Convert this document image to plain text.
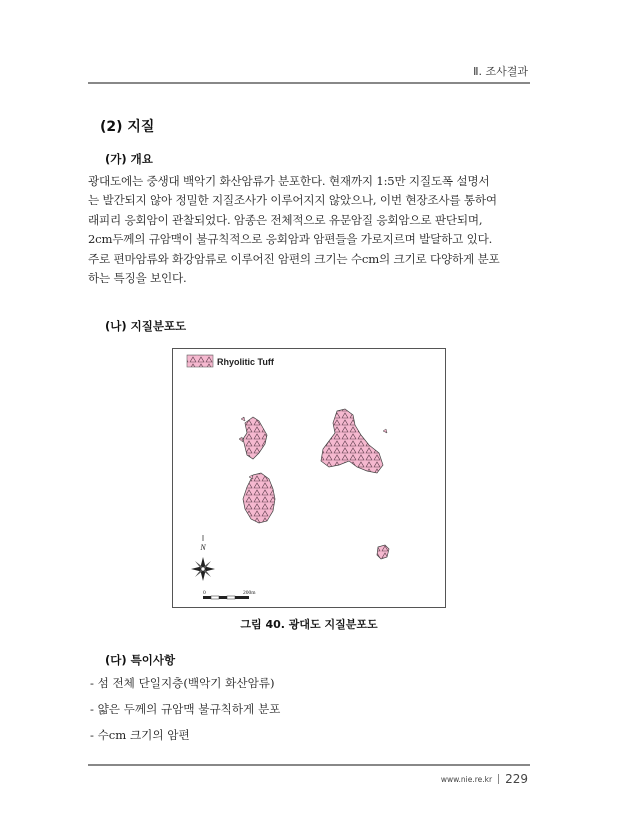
Ⅱ. 조사결과
(2) 지질
(가) 개요
광대도에는 중생대 백악기 화산암류가 분포한다. 현재까지 1:5만 지질도폭 설명서
는 발간되지 않아 정밀한 지질조사가 이루어지지 않았으나, 이번 현장조사를 통하여
래피리 응회암이 관찰되었다. 암종은 전체적으로 유문암질 응회암으로 판단되며,
2cm두께의 규암맥이 불규칙적으로 응회암과 암편들을 가로지르며 발달하고 있다.
주로 편마암류와 화강암류로 이루어진 암편의 크기는 수cm의 크기로 다양하게 분포
하는 특징을 보인다.
(나) 지질분포도
Rhyolitic Tuff
N
0	200m
그림 40. 광대도 지질분포도
(다) 특이사항
- 섬 전체 단일지층(백악기 화산암류)
- 얇은 두께의 규암맥 불규칙하게 분포
- 수cm 크기의 암편
www.nie.re.kr 229
